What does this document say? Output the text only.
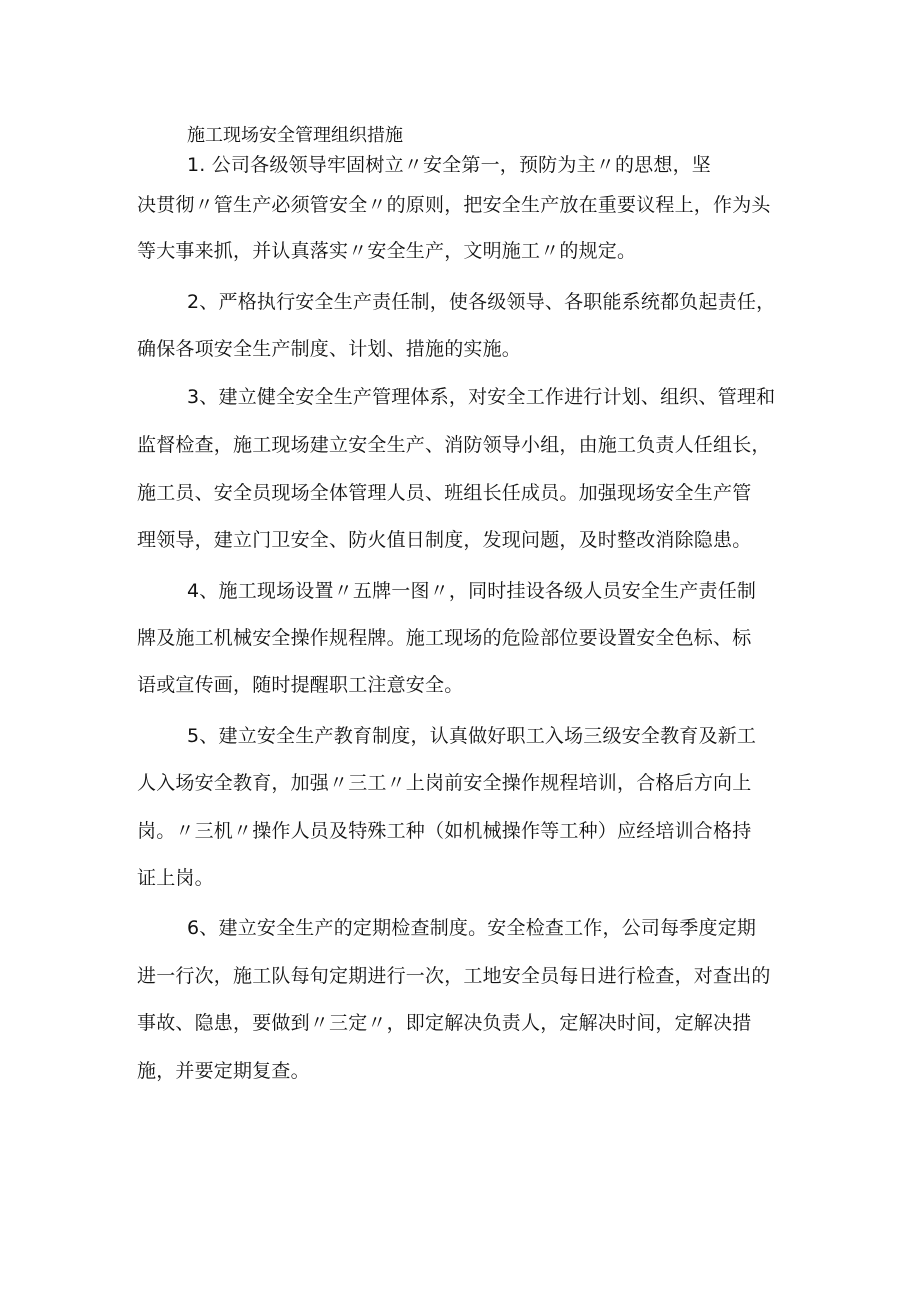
施工现场安全管理组织措施
1. 公司各级领导牢固树立〃安全第一，预防为主〃的思想，坚
决贯彻〃管生产必须管安全〃的原则，把安全生产放在重要议程上，作为头
等大事来抓，并认真落实〃安全生产，文明施工〃的规定。
2、严格执行安全生产责任制，使各级领导、各职能系统都负起责任，
确保各项安全生产制度、计划、措施的实施。
3、建立健全安全生产管理体系，对安全工作进行计划、组织、管理和
监督检查，施工现场建立安全生产、消防领导小组，由施工负责人任组长，
施工员、安全员现场全体管理人员、班组长任成员。加强现场安全生产管
理领导，建立门卫安全、防火值日制度，发现问题，及时整改消除隐患。
4、施工现场设置〃五牌一图〃，同时挂设各级人员安全生产责任制
牌及施工机械安全操作规程牌。施工现场的危险部位要设置安全色标、标
语或宣传画，随时提醒职工注意安全。
5、建立安全生产教育制度，认真做好职工入场三级安全教育及新工
人入场安全教育，加强〃三工〃上岗前安全操作规程培训，合格后方向上
岗。〃三机〃操作人员及特殊工种（如机械操作等工种）应经培训合格持
证上岗。
6、建立安全生产的定期检查制度。安全检查工作，公司每季度定期
进一行次，施工队每旬定期进行一次，工地安全员每日进行检查，对查出的
事故、隐患，要做到〃三定〃，即定解决负责人，定解决时间，定解决措
施，并要定期复查。
